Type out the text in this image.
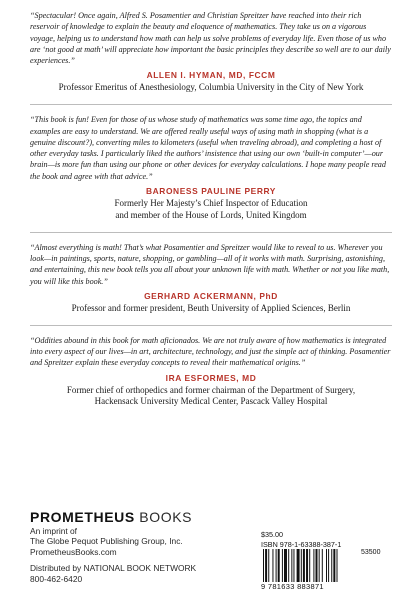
“Spectacular! Once again, Alfred S. Posamentier and Christian Spreitzer have reached into their rich reservoir of knowledge to explain the beauty and eloquence of mathematics. They take us on a vigorous voyage, helping us to understand how math can help us solve problems of everyday life. Even those of us who are ‘not good at math’ will appreciate how important the basic principles they describe so well are to our daily experiences.”

ALLEN I. HYMAN, MD, FCCM

Professor Emeritus of Anesthesiology, Columbia University in the City of New York

“This book is fun! Even for those of us whose study of mathematics was some time ago, the topics and examples are easy to understand. We are offered really useful ways of using math in shopping (what is a genuine discount?), converting miles to kilometers (useful when traveling abroad), and completing a host of other everyday tasks. I particularly liked the authors’ insistence that using our own ‘built-in computer’—our brain—is more fun than using our phone or other devices for everyday calculations. I hope many people read the book and agree with that advice.”

BARONESS PAULINE PERRY

Formerly Her Majesty’s Chief Inspector of Education

and member of the House of Lords, United Kingdom

“Almost everything is math! That’s what Posamentier and Spreitzer would like to reveal to us. Wherever you look—in paintings, sports, nature, shopping, or gambling—all of it works with math. Surprising, astonishing, and entertaining, this new book tells you all about your unknown life with math. Whether or not you like math, you will like this book.”

GERHARD ACKERMANN, PhD

Professor and former president, Beuth University of Applied Sciences, Berlin

“Oddities abound in this book for math aficionados. We are not truly aware of how mathematics is integrated into every aspect of our lives—in art, architecture, technology, and just the simple act of thinking. Posamentier and Spreitzer explain these everyday concepts to reveal their mathematical origins.”

IRA ESFORMES, MD

Former chief of orthopedics and former chairman of the Department of Surgery,

Hackensack University Medical Center, Pascack Valley Hospital

PROMETHEUS BOOKS
An imprint of
The Globe Pequot Publishing Group, Inc.
PrometheusBooks.com
Distributed by NATIONAL BOOK NETWORK
800-462-6420
$35.00
ISBN 978-1-63388-387-1
53500
9 781633 883871
